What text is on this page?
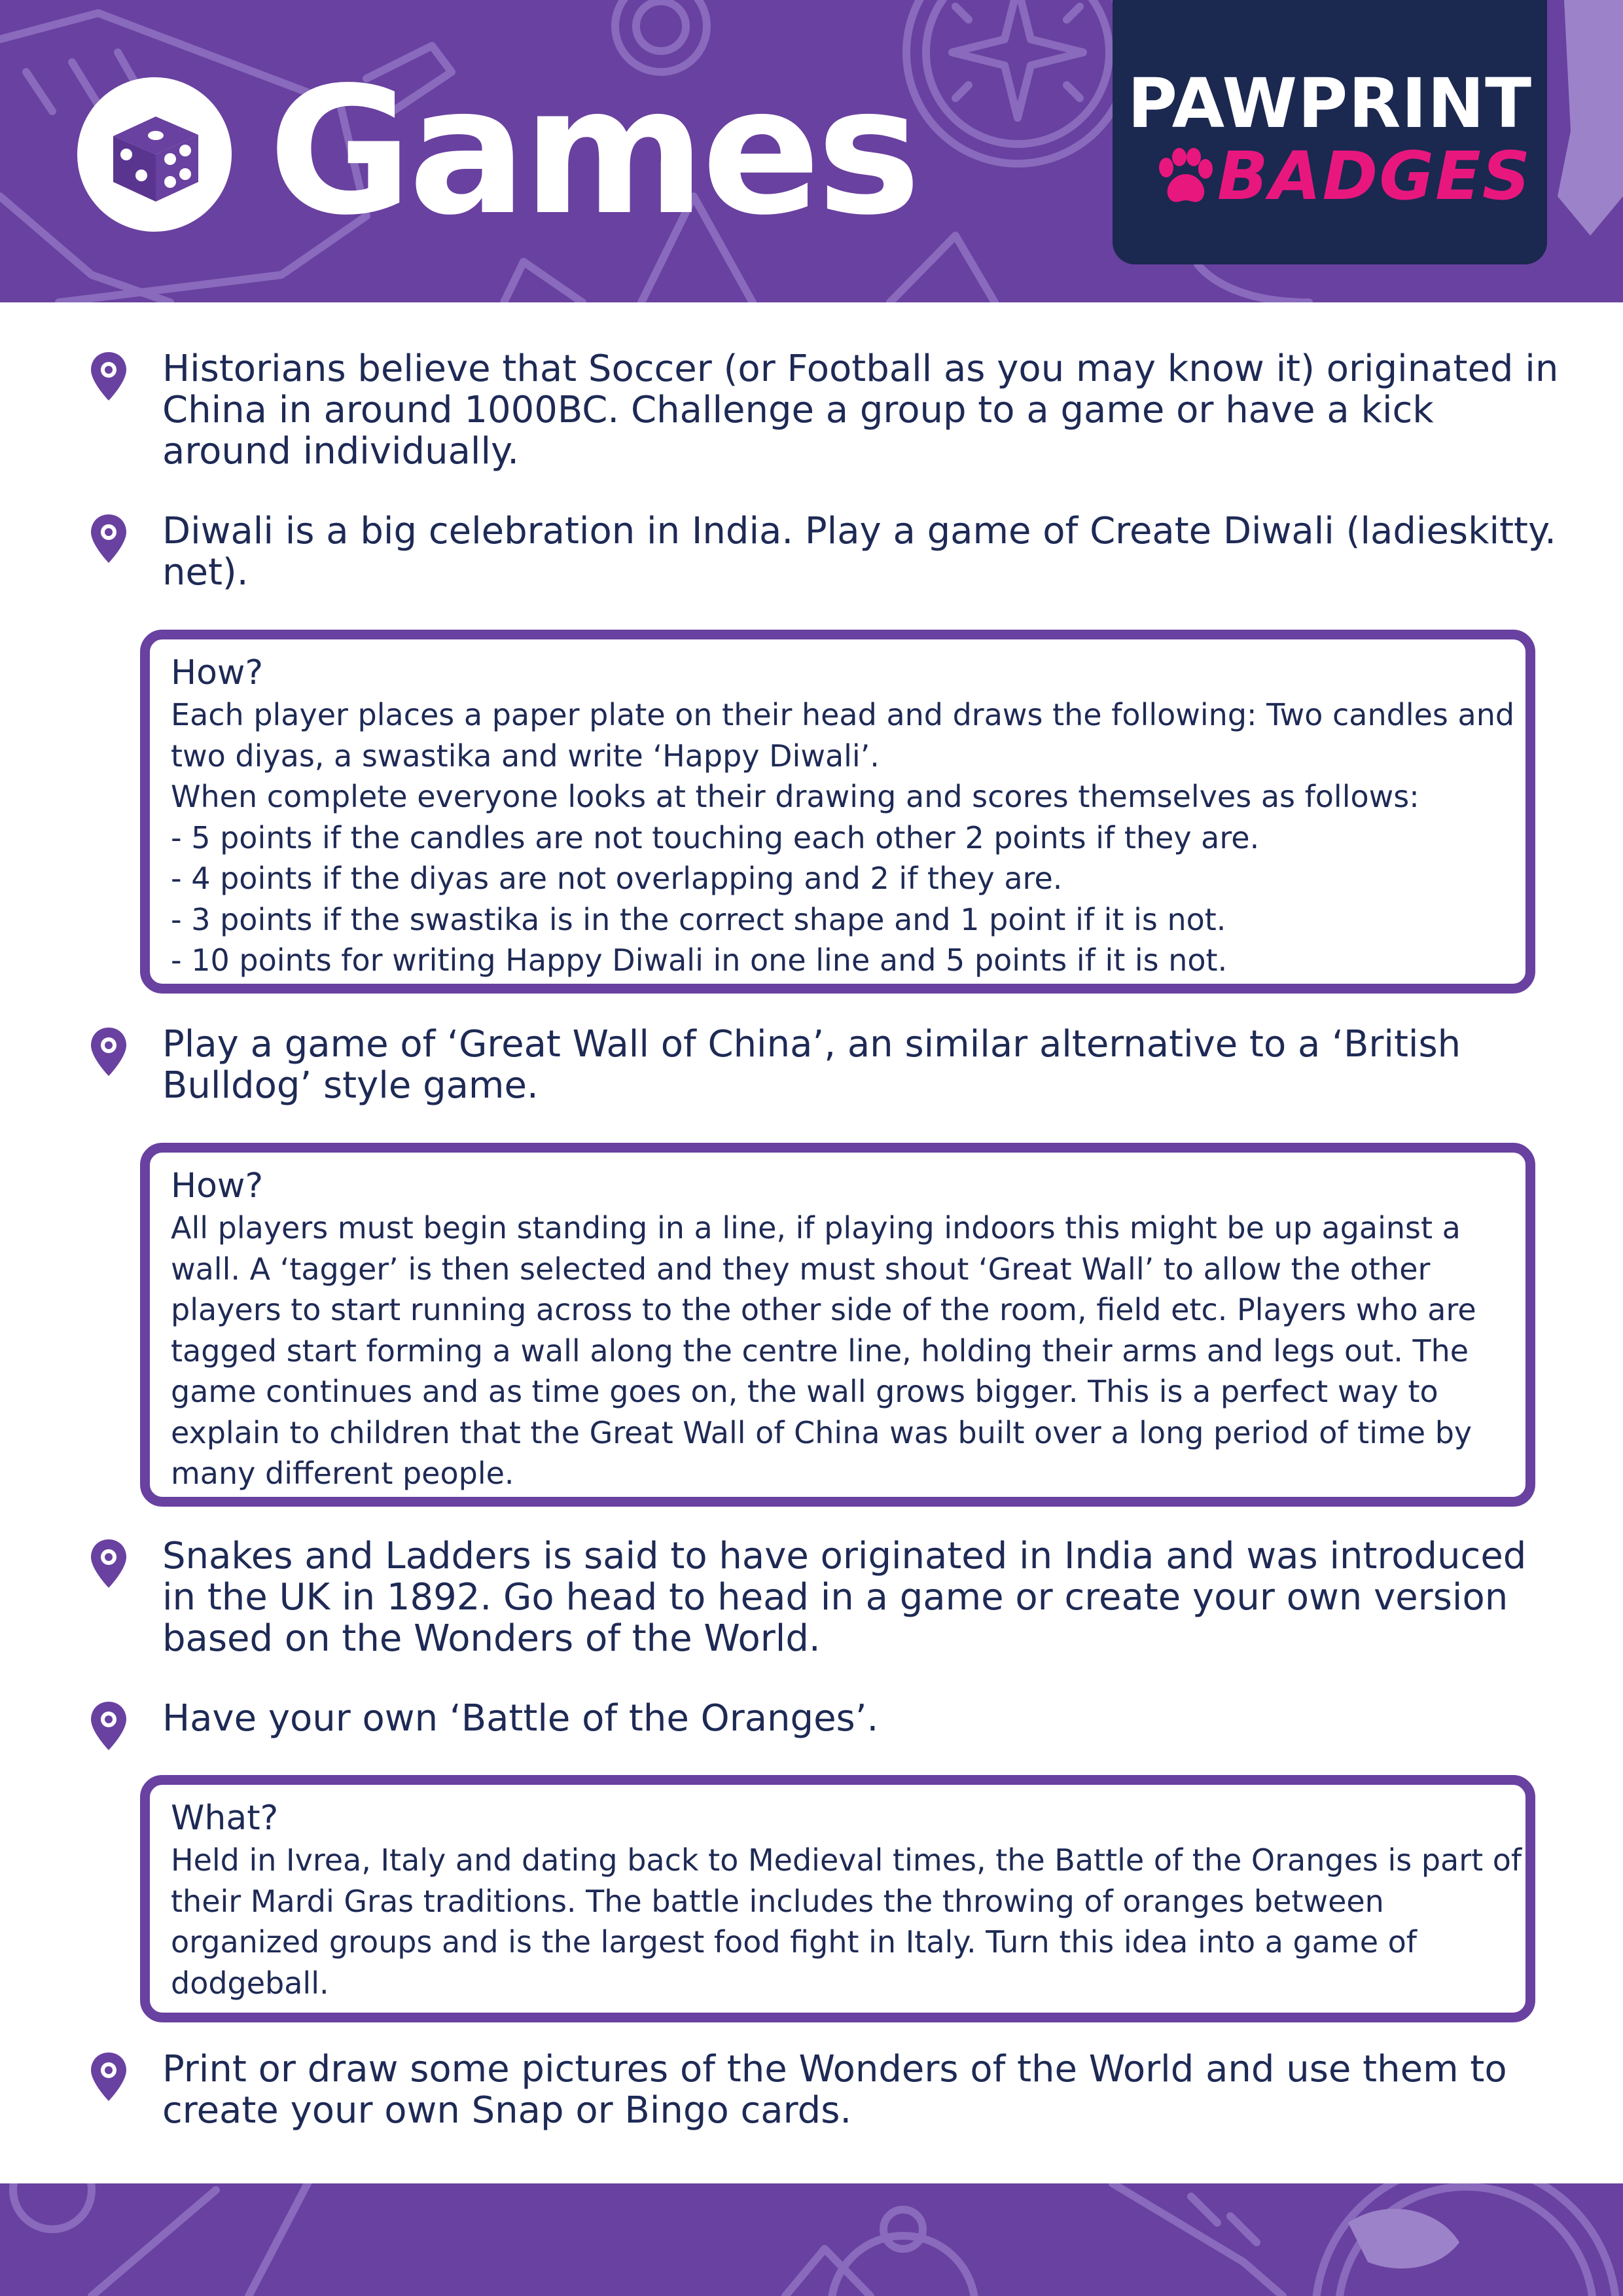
Games	PAWPRINT
BADGES
Historians believe that Soccer (or Football as you may know it) originated in China in around 1000BC. Challenge a group to a game or have a kick around individually.
Diwali is a big celebration in India. Play a game of Create Diwali (ladieskitty. net).
How?
Each player places a paper plate on their head and draws the following: Two candles and two diyas, a swastika and write ‘Happy Diwali’.
When complete everyone looks at their drawing and scores themselves as follows:
- 5 points if the candles are not touching each other 2 points if they are.
- 4 points if the diyas are not overlapping and 2 if they are.
- 3 points if the swastika is in the correct shape and 1 point if it is not.
- 10 points for writing Happy Diwali in one line and 5 points if it is not.
Play a game of ‘Great Wall of China’, an similar alternative to a ‘British Bulldog’ style game.
How?
All players must begin standing in a line, if playing indoors this might be up against a wall. A ‘tagger’ is then selected and they must shout ‘Great Wall’ to allow the other players to start running across to the other side of the room, field etc. Players who are tagged start forming a wall along the centre line, holding their arms and legs out. The game continues and as time goes on, the wall grows bigger. This is a perfect way to explain to children that the Great Wall of China was built over a long period of time by many different people.
Snakes and Ladders is said to have originated in India and was introduced in the UK in 1892. Go head to head in a game or create your own version based on the Wonders of the World.
Have your own ‘Battle of the Oranges’.
What?
Held in Ivrea, Italy and dating back to Medieval times, the Battle of the Oranges is part of their Mardi Gras traditions. The battle includes the throwing of oranges between organized groups and is the largest food fight in Italy. Turn this idea into a game of dodgeball.
Print or draw some pictures of the Wonders of the World and use them to create your own Snap or Bingo cards.
